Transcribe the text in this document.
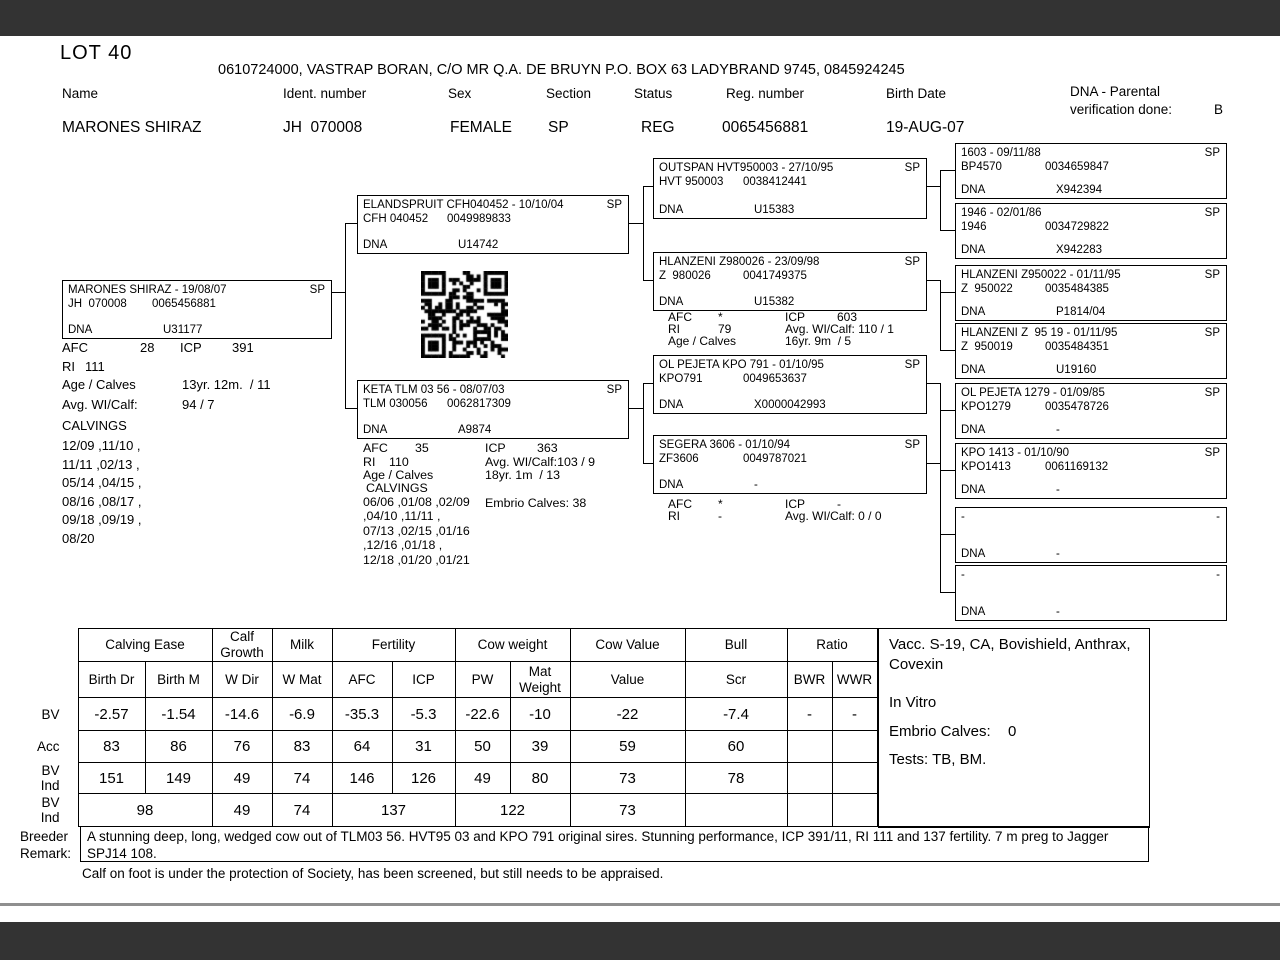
LOT 40
0610724000, VASTRAP BORAN, C/O MR Q.A. DE BRUYN P.O. BOX 63 LADYBRAND 9745, 0845924245
Name	Ident. number	Sex	Section	Status	Reg. number	Birth Date	DNA - Parental
verification done:	B
MARONES SHIRAZ	JH  070008	FEMALE SP	REG	0065456881	19-AUG-07
MARONES SHIRAZ - 19/08/07	SP
JH  070008 0065456881
DNA	U31177
AFC	28 ICP 391
RI 111
Age / Calves	13yr. 12m.  / 11
Avg. WI/Calf:	94 / 7
CALVINGS
12/09 ,11/10 ,
11/11 ,02/13 ,
05/14 ,04/15 ,
08/16 ,08/17 ,
09/18 ,09/19 ,
08/20
ELANDSPRUIT CFH040452 - 10/10/04	SP
CFH 040452 0049989833
DNA	U14742
KETA TLM 03 56 - 08/07/03	SP
TLM 030056 0062817309
DNA	A9874
AFC 35	ICP	363
RI 110	Avg. WI/Calf:103 / 9
Age / Calves	18yr. 1m  / 13
CALVINGS
06/06 ,01/08 ,02/09
,04/10 ,11/11 ,
07/13 ,02/15 ,01/16
,12/16 ,01/18 ,
12/18 ,01/20 ,01/21
Embrio Calves: 38
OUTSPAN HVT950003 - 27/10/95	SP
HVT 950003 0038412441
DNA	U15383
HLANZENI Z980026 - 23/09/98	SP
Z  980026	0041749375
DNA	U15382
AFC *	ICP	603
RI	79	Avg. WI/Calf: 110 / 1
Age / Calves	16yr. 9m  / 5
OL PEJETA KPO 791 - 01/10/95	SP
KPO791	0049653637
DNA	X0000042993
SEGERA 3606 - 01/10/94	SP
ZF3606	0049787021
DNA	-
AFC *	ICP	-
RI	-	Avg. WI/Calf: 0 / 0
1603 - 09/11/88	SP
BP4570	0034659847
DNA	X942394
1946 - 02/01/86	SP
1946	0034729822
DNA	X942283
HLANZENI Z950022 - 01/11/95	SP
Z  950022	0035484385
DNA	P1814/04
HLANZENI Z  95 19 - 01/11/95	SP
Z  950019	0035484351
DNA	U19160
OL PEJETA 1279 - 01/09/85	SP
KPO1279	0035478726
DNA	-
KPO 1413 - 01/10/90	SP
KPO1413	0061169132
DNA	-
-	-
DNA	-
-	-
DNA	-
	Calving Ease		Calf Growth	Milk	Fertility		Cow weight		Cow Value	Bull	Ratio	
	Birth Dr	Birth M	W Dir	W Mat	AFC	ICP	PW	Mat Weight	Value	Scr	BWR	WWR
BV	-2.57	-1.54	-14.6	-6.9	-35.3	-5.3	-22.6	-10	-22	-7.4	-	-
Acc	83	86	76	83	64	31	50	39	59	60		
BV Ind	151	149	49	74	146	126	49	80	73	78		
BV Ind	98		49	74	137		122		73			
Vacc. S-19, CA, Bovishield, Anthrax, Covexin
In Vitro
Embrio Calves: 0
Tests: TB, BM.
Breeder
Remark:
A stunning deep, long, wedged cow out of TLM03 56. HVT95 03 and KPO 791 original sires. Stunning performance, ICP 391/11, RI 111 and 137 fertility. 7 m preg to Jagger SPJ14 108.
Calf on foot is under the protection of Society, has been screened, but still needs to be appraised.
